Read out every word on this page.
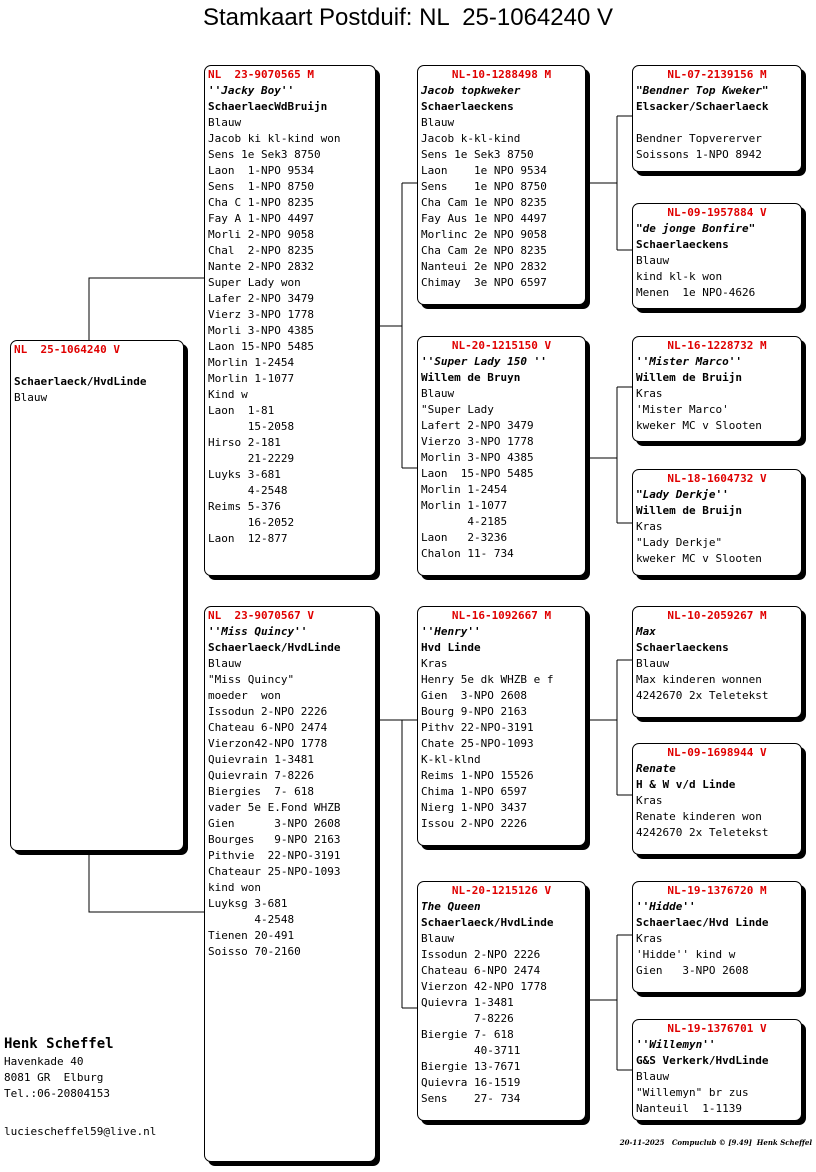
Stamkaart Postduif: NL  25-1064240 V
NL  25-1064240 V
Schaerlaeck/HvdLinde
Blauw
NL  23-9070565 M
''Jacky Boy''
SchaerlaecWdBruijn
Blauw
Jacob ki kl-kind won
Sens 1e Sek3 8750
Laon  1-NPO 9534
Sens  1-NPO 8750
Cha C 1-NPO 8235
Fay A 1-NPO 4497
Morli 2-NPO 9058
Chal  2-NPO 8235
Nante 2-NPO 2832
Super Lady won
Lafer 2-NPO 3479
Vierz 3-NPO 1778
Morli 3-NPO 4385
Laon 15-NPO 5485
Morlin 1-2454
Morlin 1-1077
Kind w
Laon  1-81
15-2058
Hirso 2-181
21-2229
Luyks 3-681
4-2548
Reims 5-376
16-2052
Laon  12-877
NL  23-9070567 V
''Miss Quincy''
Schaerlaeck/HvdLinde
Blauw
"Miss Quincy"
moeder  won
Issodun 2-NPO 2226
Chateau 6-NPO 2474
Vierzon42-NPO 1778
Quievrain 1-3481
Quievrain 7-8226
Biergies  7- 618
vader 5e E.Fond WHZB
Gien      3-NPO 2608
Bourges   9-NPO 2163
Pithvie  22-NPO-3191
Chateaur 25-NPO-1093
kind won
Luyksg 3-681
4-2548
Tienen 20-491
Soisso 70-2160
NL-10-1288498 M
Jacob topkweker
Schaerlaeckens
Blauw
Jacob k-kl-kind
Sens 1e Sek3 8750
Laon    1e NPO 9534
Sens    1e NPO 8750
Cha Cam 1e NPO 8235
Fay Aus 1e NPO 4497
Morlinc 2e NPO 9058
Cha Cam 2e NPO 8235
Nanteui 2e NPO 2832
Chimay  3e NPO 6597
NL-20-1215150 V
''Super Lady 150 ''
Willem de Bruyn
Blauw
"Super Lady
Lafert 2-NPO 3479
Vierzo 3-NPO 1778
Morlin 3-NPO 4385
Laon  15-NPO 5485
Morlin 1-2454
Morlin 1-1077
4-2185
Laon   2-3236
Chalon 11- 734
NL-16-1092667 M
''Henry''
Hvd Linde
Kras
Henry 5e dk WHZB e f
Gien  3-NPO 2608
Bourg 9-NPO 2163
Pithv 22-NPO-3191
Chate 25-NPO-1093
K-kl-klnd
Reims 1-NPO 15526
Chima 1-NPO 6597
Nierg 1-NPO 3437
Issou 2-NPO 2226
NL-20-1215126 V
The Queen
Schaerlaeck/HvdLinde
Blauw
Issodun 2-NPO 2226
Chateau 6-NPO 2474
Vierzon 42-NPO 1778
Quievra 1-3481
7-8226
Biergie 7- 618
40-3711
Biergie 13-7671
Quievra 16-1519
Sens    27- 734
NL-07-2139156 M
"Bendner Top Kweker"
Elsacker/Schaerlaeck
Bendner Topvererver
Soissons 1-NPO 8942
NL-09-1957884 V
"de jonge Bonfire"
Schaerlaeckens
Blauw
kind kl-k won
Menen  1e NPO-4626
NL-16-1228732 M
''Mister Marco''
Willem de Bruijn
Kras
'Mister Marco'
kweker MC v Slooten
NL-18-1604732 V
"Lady Derkje''
Willem de Bruijn
Kras
"Lady Derkje"
kweker MC v Slooten
NL-10-2059267 M
Max
Schaerlaeckens
Blauw
Max kinderen wonnen
4242670 2x Teletekst
NL-09-1698944 V
Renate
H & W v/d Linde
Kras
Renate kinderen won
4242670 2x Teletekst
NL-19-1376720 M
''Hidde''
Schaerlaec/Hvd Linde
Kras
'Hidde'' kind w
Gien   3-NPO 2608
NL-19-1376701 V
''Willemyn''
G&S Verkerk/HvdLinde
Blauw
"Willemyn" br zus
Nanteuil  1-1139
Henk Scheffel
Havenkade 40
8081 GR  Elburg
Tel.:06-20804153
luciescheffel59@live.nl
20-11-2025   Compuclub © [9.49]  Henk Scheffel
